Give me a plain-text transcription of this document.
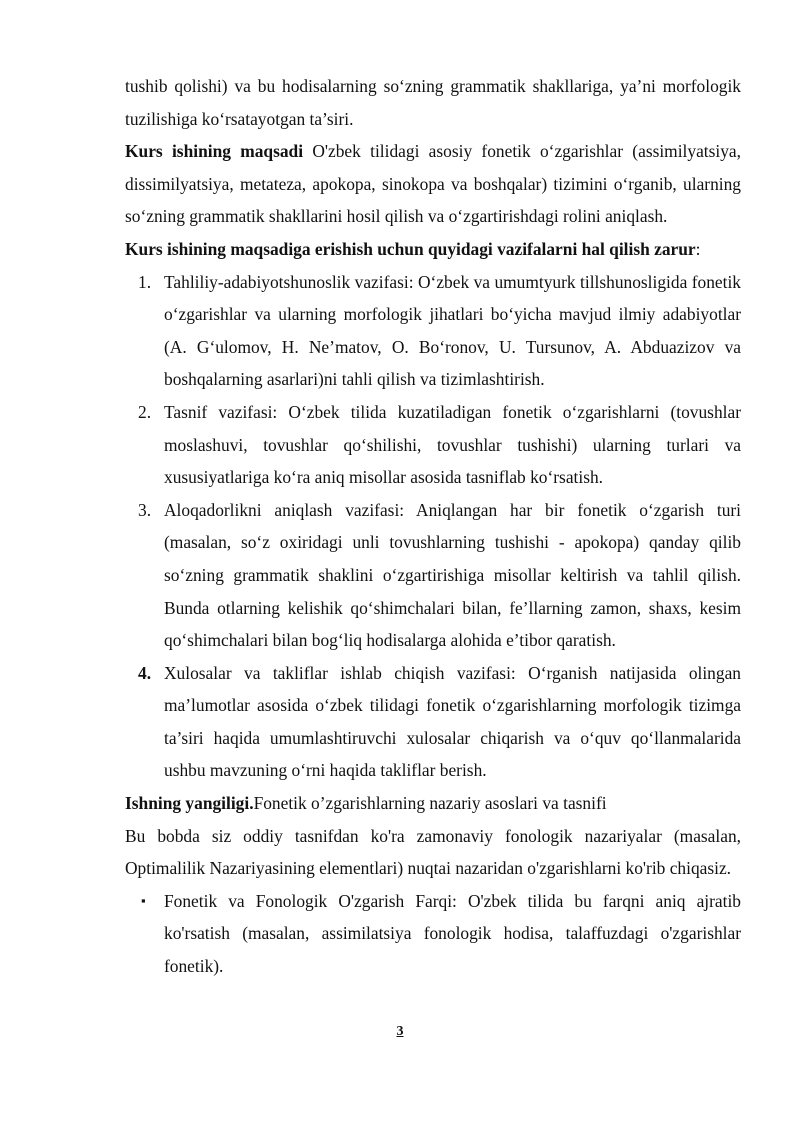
tushib qolishi) va bu hodisalarning so‘zning grammatik shakllariga, ya’ni morfologik tuzilishiga ko‘rsatayotgan ta’siri.

Kurs ishining maqsadi O'zbek tilidagi asosiy fonetik o‘zgarishlar (assimilyatsiya, dissimilyatsiya, metateza, apokopa, sinokopa va boshqalar) tizimini o‘rganib, ularning so‘zning grammatik shakllarini hosil qilish va o‘zgartirishdagi rolini aniqlash.

Kurs ishining maqsadiga erishish uchun quyidagi vazifalarni hal qilish zarur:

1. Tahliliy-adabiyotshunoslik vazifasi: O‘zbek va umumtyurk tillshunosligida fonetik o‘zgarishlar va ularning morfologik jihatlari bo‘yicha mavjud ilmiy adabiyotlar (A. G‘ulomov, H. Ne’matov, O. Bo‘ronov, U. Tursunov, A. Abduazizov va boshqalarning asarlari)ni tahli qilish va tizimlashtirish.
2. Tasnif vazifasi: O‘zbek tilida kuzatiladigan fonetik o‘zgarishlarni (tovushlar moslashuvi, tovushlar qo‘shilishi, tovushlar tushishi) ularning turlari va xususiyatlariga ko‘ra aniq misollar asosida tasniflab ko‘rsatish.
3. Aloqadorlikni aniqlash vazifasi: Aniqlangan har bir fonetik o‘zgarish turi (masalan, so‘z oxiridagi unli tovushlarning tushishi - apokopa) qanday qilib so‘zning grammatik shaklini o‘zgartirishiga misollar keltirish va tahlil qilish. Bunda otlarning kelishik qo‘shimchalari bilan, fe’llarning zamon, shaxs, kesim qo‘shimchalari bilan bog‘liq hodisalarga alohida e’tibor qaratish.
4. Xulosalar va takliflar ishlab chiqish vazifasi: O‘rganish natijasida olingan ma’lumotlar asosida o‘zbek tilidagi fonetik o‘zgarishlarning morfologik tizimga ta’siri haqida umumlashtiruvchi xulosalar chiqarish va o‘quv qo‘llanmalarida ushbu mavzuning o‘rni haqida takliflar berish.

Ishning yangiligi.Fonetik o’zgarishlarning nazariy asoslari va tasnifi

Bu bobda siz oddiy tasnifdan ko'ra zamonaviy fonologik nazariyalar (masalan, Optimalilik Nazariyasining elementlari) nuqtai nazaridan o'zgarishlarni ko'rib chiqasiz.

▪ Fonetik va Fonologik O'zgarish Farqi: O'zbek tilida bu farqni aniq ajratib ko'rsatish (masalan, assimilatsiya fonologik hodisa, talaffuzdagi o'zgarishlar fonetik).
3
